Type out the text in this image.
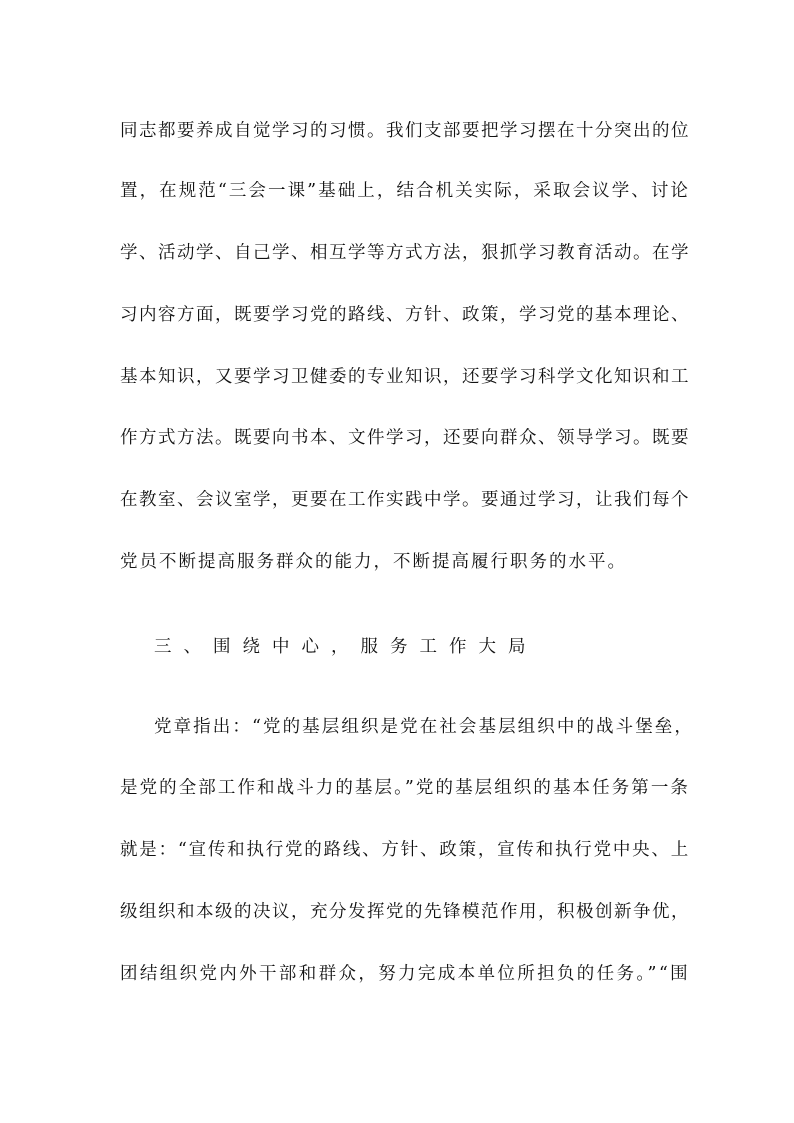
同志都要养成自觉学习的习惯。我们支部要把学习摆在十分突出的位
置，在规范“三会一课”基础上，结合机关实际，采取会议学、讨论
学、活动学、自己学、相互学等方式方法，狠抓学习教育活动。在学
习内容方面，既要学习党的路线、方针、政策，学习党的基本理论、
基本知识，又要学习卫健委的专业知识，还要学习科学文化知识和工
作方式方法。既要向书本、文件学习，还要向群众、领导学习。既要
在教室、会议室学，更要在工作实践中学。要通过学习，让我们每个
党员不断提高服务群众的能力，不断提高履行职务的水平。
三、围绕中心，服务工作大局
党章指出：“党的基层组织是党在社会基层组织中的战斗堡垒，
是党的全部工作和战斗力的基层。”党的基层组织的基本任务第一条
就是：“宣传和执行党的路线、方针、政策，宣传和执行党中央、上
级组织和本级的决议，充分发挥党的先锋模范作用，积极创新争优，
团结组织党内外干部和群众，努力完成本单位所担负的任务。”“围
